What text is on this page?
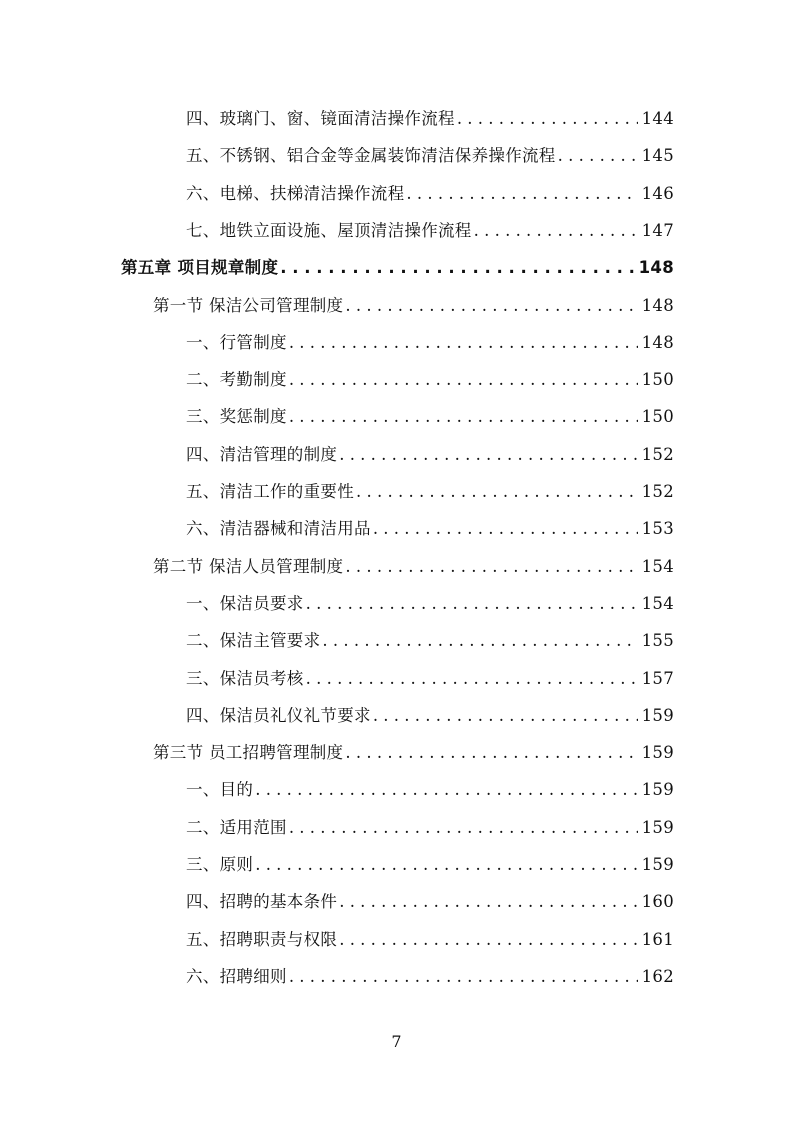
四、玻璃门、窗、镜面清洁操作流程 . . .	144
五、不锈钢、铝合金等金属装饰清洁保养操作流程 . . .	145
六、电梯、扶梯清洁操作流程 . . .	146
七、地铁立面设施、屋顶清洁操作流程 . . .	147
第五章 项目规章制度 . . .	148
第一节 保洁公司管理制度 . . .	148
一、行管制度 . . .	148
二、考勤制度 . . .	150
三、奖惩制度 . . .	150
四、清洁管理的制度 . . .	152
五、清洁工作的重要性 . . .	152
六、清洁器械和清洁用品 . . .	153
第二节 保洁人员管理制度 . . .	154
一、保洁员要求 . . .	154
二、保洁主管要求 . . .	155
三、保洁员考核 . . .	157
四、保洁员礼仪礼节要求 . . .	159
第三节 员工招聘管理制度 . . .	159
一、目的 . . .	159
二、适用范围 . . .	159
三、原则 . . .	159
四、招聘的基本条件 . . .	160
五、招聘职责与权限 . . .	161
六、招聘细则 . . .	162
7
